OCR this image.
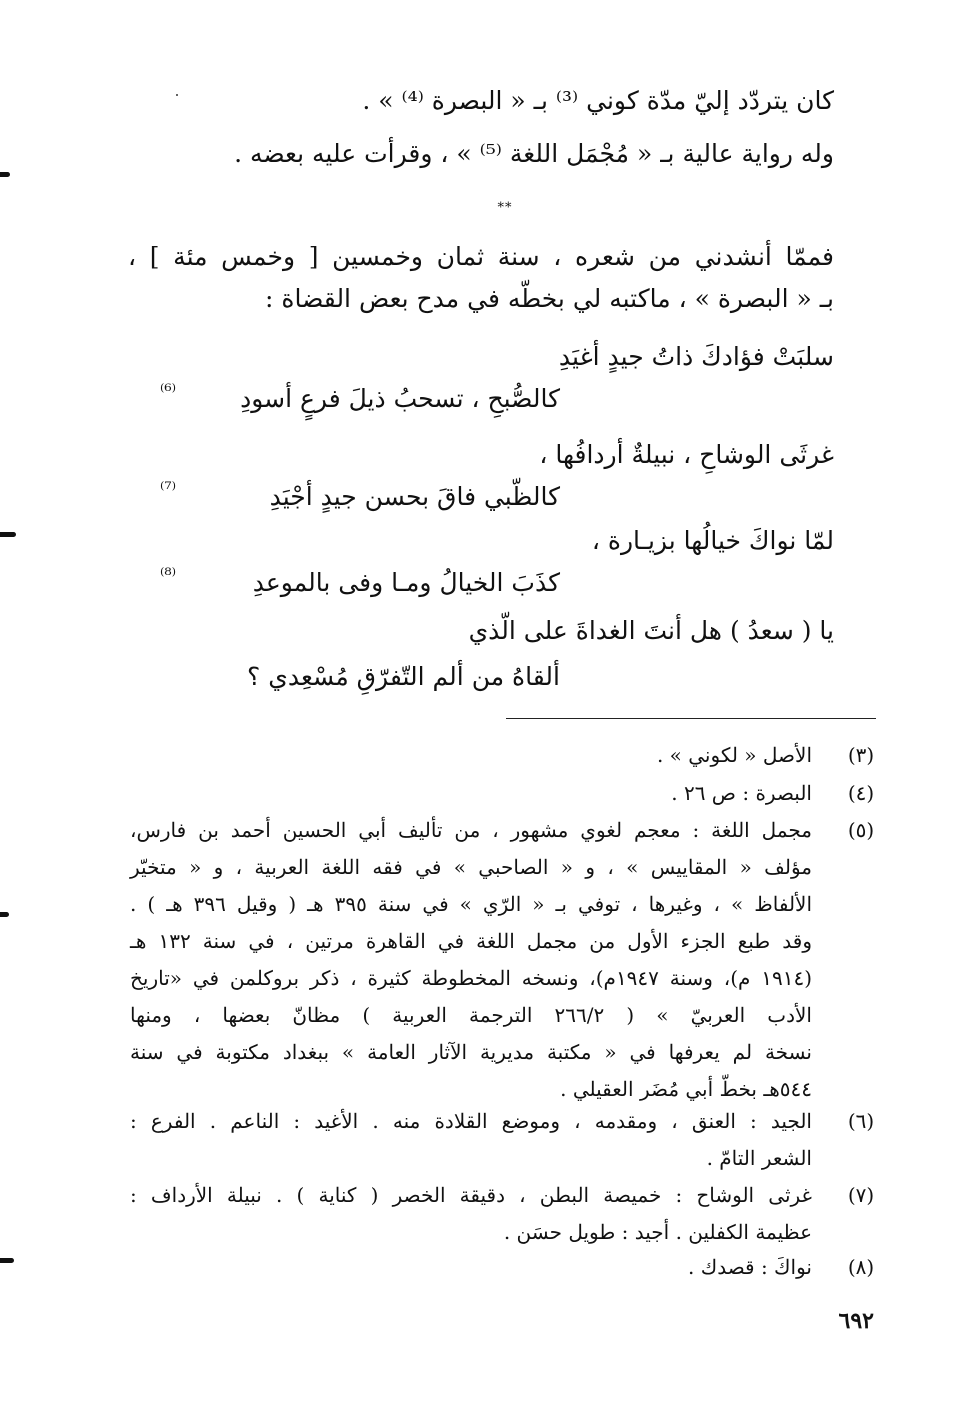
كان يتردّد إليّ مدّة كوني ⁽³⁾ بـ « البصرة ⁽⁴⁾ » .
وله رواية عالية بـ « مُجْمَل اللغة ⁽⁵⁾ » ، وقرأت عليه بعضه .
⁎⁎
فممّا أنشدني من شعره ، سنة ثمان وخمسين [ وخمس مئة ] ،
بـ « البصرة » ، ماكتبه لي بخطّه في مدح بعض القضاة :
سلبَتْ فؤادكَ ذاتُ جيدٍ أغيَدِ
كالصُّبحِ ، تسحبُ ذيلَ فرعٍ أسودِ
⁽⁶⁾
غرثَى الوشاحِ ، نبيلةٌ أردافُها ،
كالظّبي فاقَ بحسن جيدٍ أجْيَدِ
⁽⁷⁾
لمّا نواكَ خيالُها بزيـارة ،
كذَبَ الخيالُ ومـا وفى بالموعدِ
⁽⁸⁾
يا ( سعدُ ) هل أنتَ الغداةَ على الّذي
ألقاهُ من ألم التّفرّقِ مُسْعِدي ؟
(٣)
الأصل « لكوني » .
(٤)
البصرة : ص ٢٦ .
(٥)
مجمل اللغة : معجم لغوي مشهور ، من تأليف أبي الحسين أحمد بن فارس،
مؤلف « المقاييس » ، و « الصاحبي » في فقه اللغة العربية ، و « متخيّر
الألفاظ » ، وغيرها ، توفي بـ « الرّي » في سنة ٣٩٥ هـ ( وقيل ٣٩٦ هـ ) .
وقد طبع الجزء الأول من مجمل اللغة في القاهرة مرتين ، في سنة ١٣٢ هـ
(١٩١٤ م)، وسنة ١٩٤٧م)، ونسخه المخطوطة كثيرة ، ذكر بروكلمن في «تاريخ
الأدب العربيّ » ( ٢٦٦/٢ الترجمة العربية ) مظانّ بعضها ، ومنها
نسخة لم يعرفها في « مكتبة مديرية الآثار العامة » ببغداد مكتوبة في سنة
٥٤٤هـ بخطّ أبي مُضَر العقيلي .
(٦)
الجيد : العنق ، ومقدمه ، وموضع القلادة منه . الأغيد : الناعم . الفرع :
الشعر التامّ .
(٧)
غرثى الوشاح : خميصة البطن ، دقيقة الخصر ( كناية ) . نبيلة الأرداف :
عظيمة الكفلين . أجيد : طويل حسَن .
(٨)
نواكَ : قصدك .
٦٩٢
